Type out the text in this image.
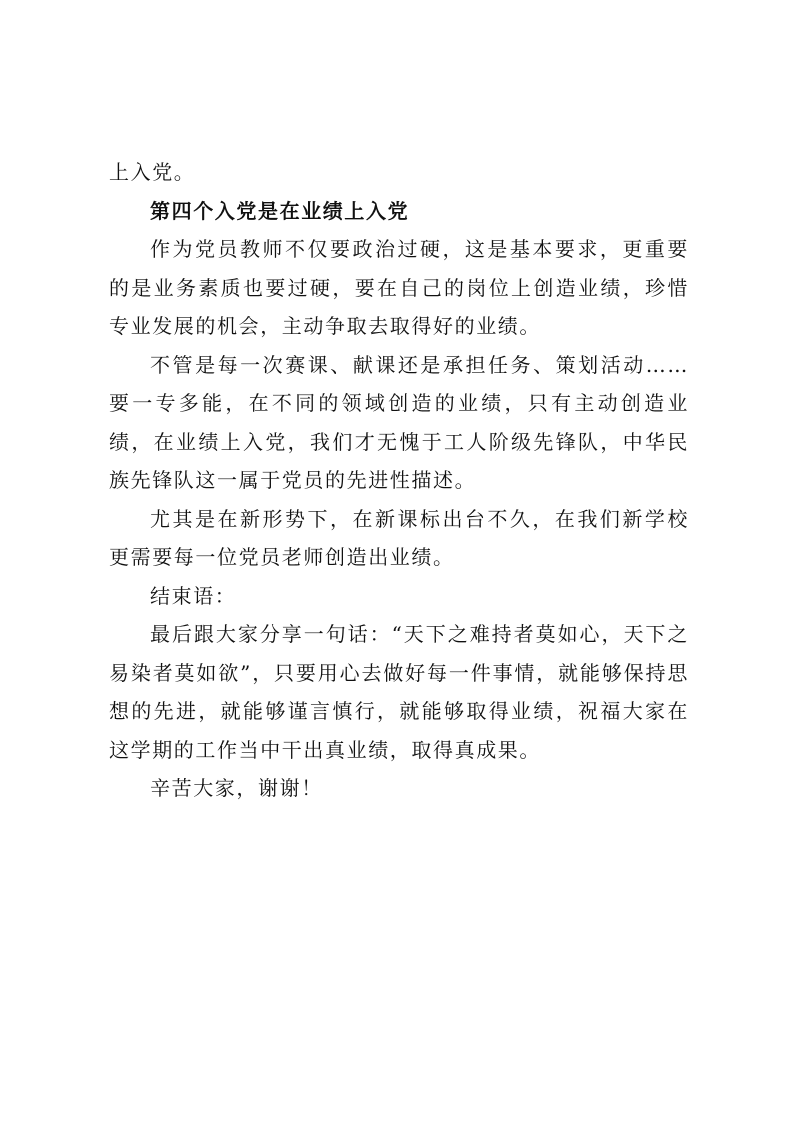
上入党。

第四个入党是在业绩上入党

作为党员教师不仅要政治过硬，这是基本要求，更重要的是业务素质也要过硬，要在自己的岗位上创造业绩，珍惜专业发展的机会，主动争取去取得好的业绩。

不管是每一次赛课、献课还是承担任务、策划活动……要一专多能，在不同的领域创造的业绩，只有主动创造业绩，在业绩上入党，我们才无愧于工人阶级先锋队，中华民族先锋队这一属于党员的先进性描述。

尤其是在新形势下，在新课标出台不久，在我们新学校更需要每一位党员老师创造出业绩。

结束语：

最后跟大家分享一句话：“天下之难持者莫如心，天下之易染者莫如欲”，只要用心去做好每一件事情，就能够保持思想的先进，就能够谨言慎行，就能够取得业绩，祝福大家在这学期的工作当中干出真业绩，取得真成果。

辛苦大家，谢谢！
